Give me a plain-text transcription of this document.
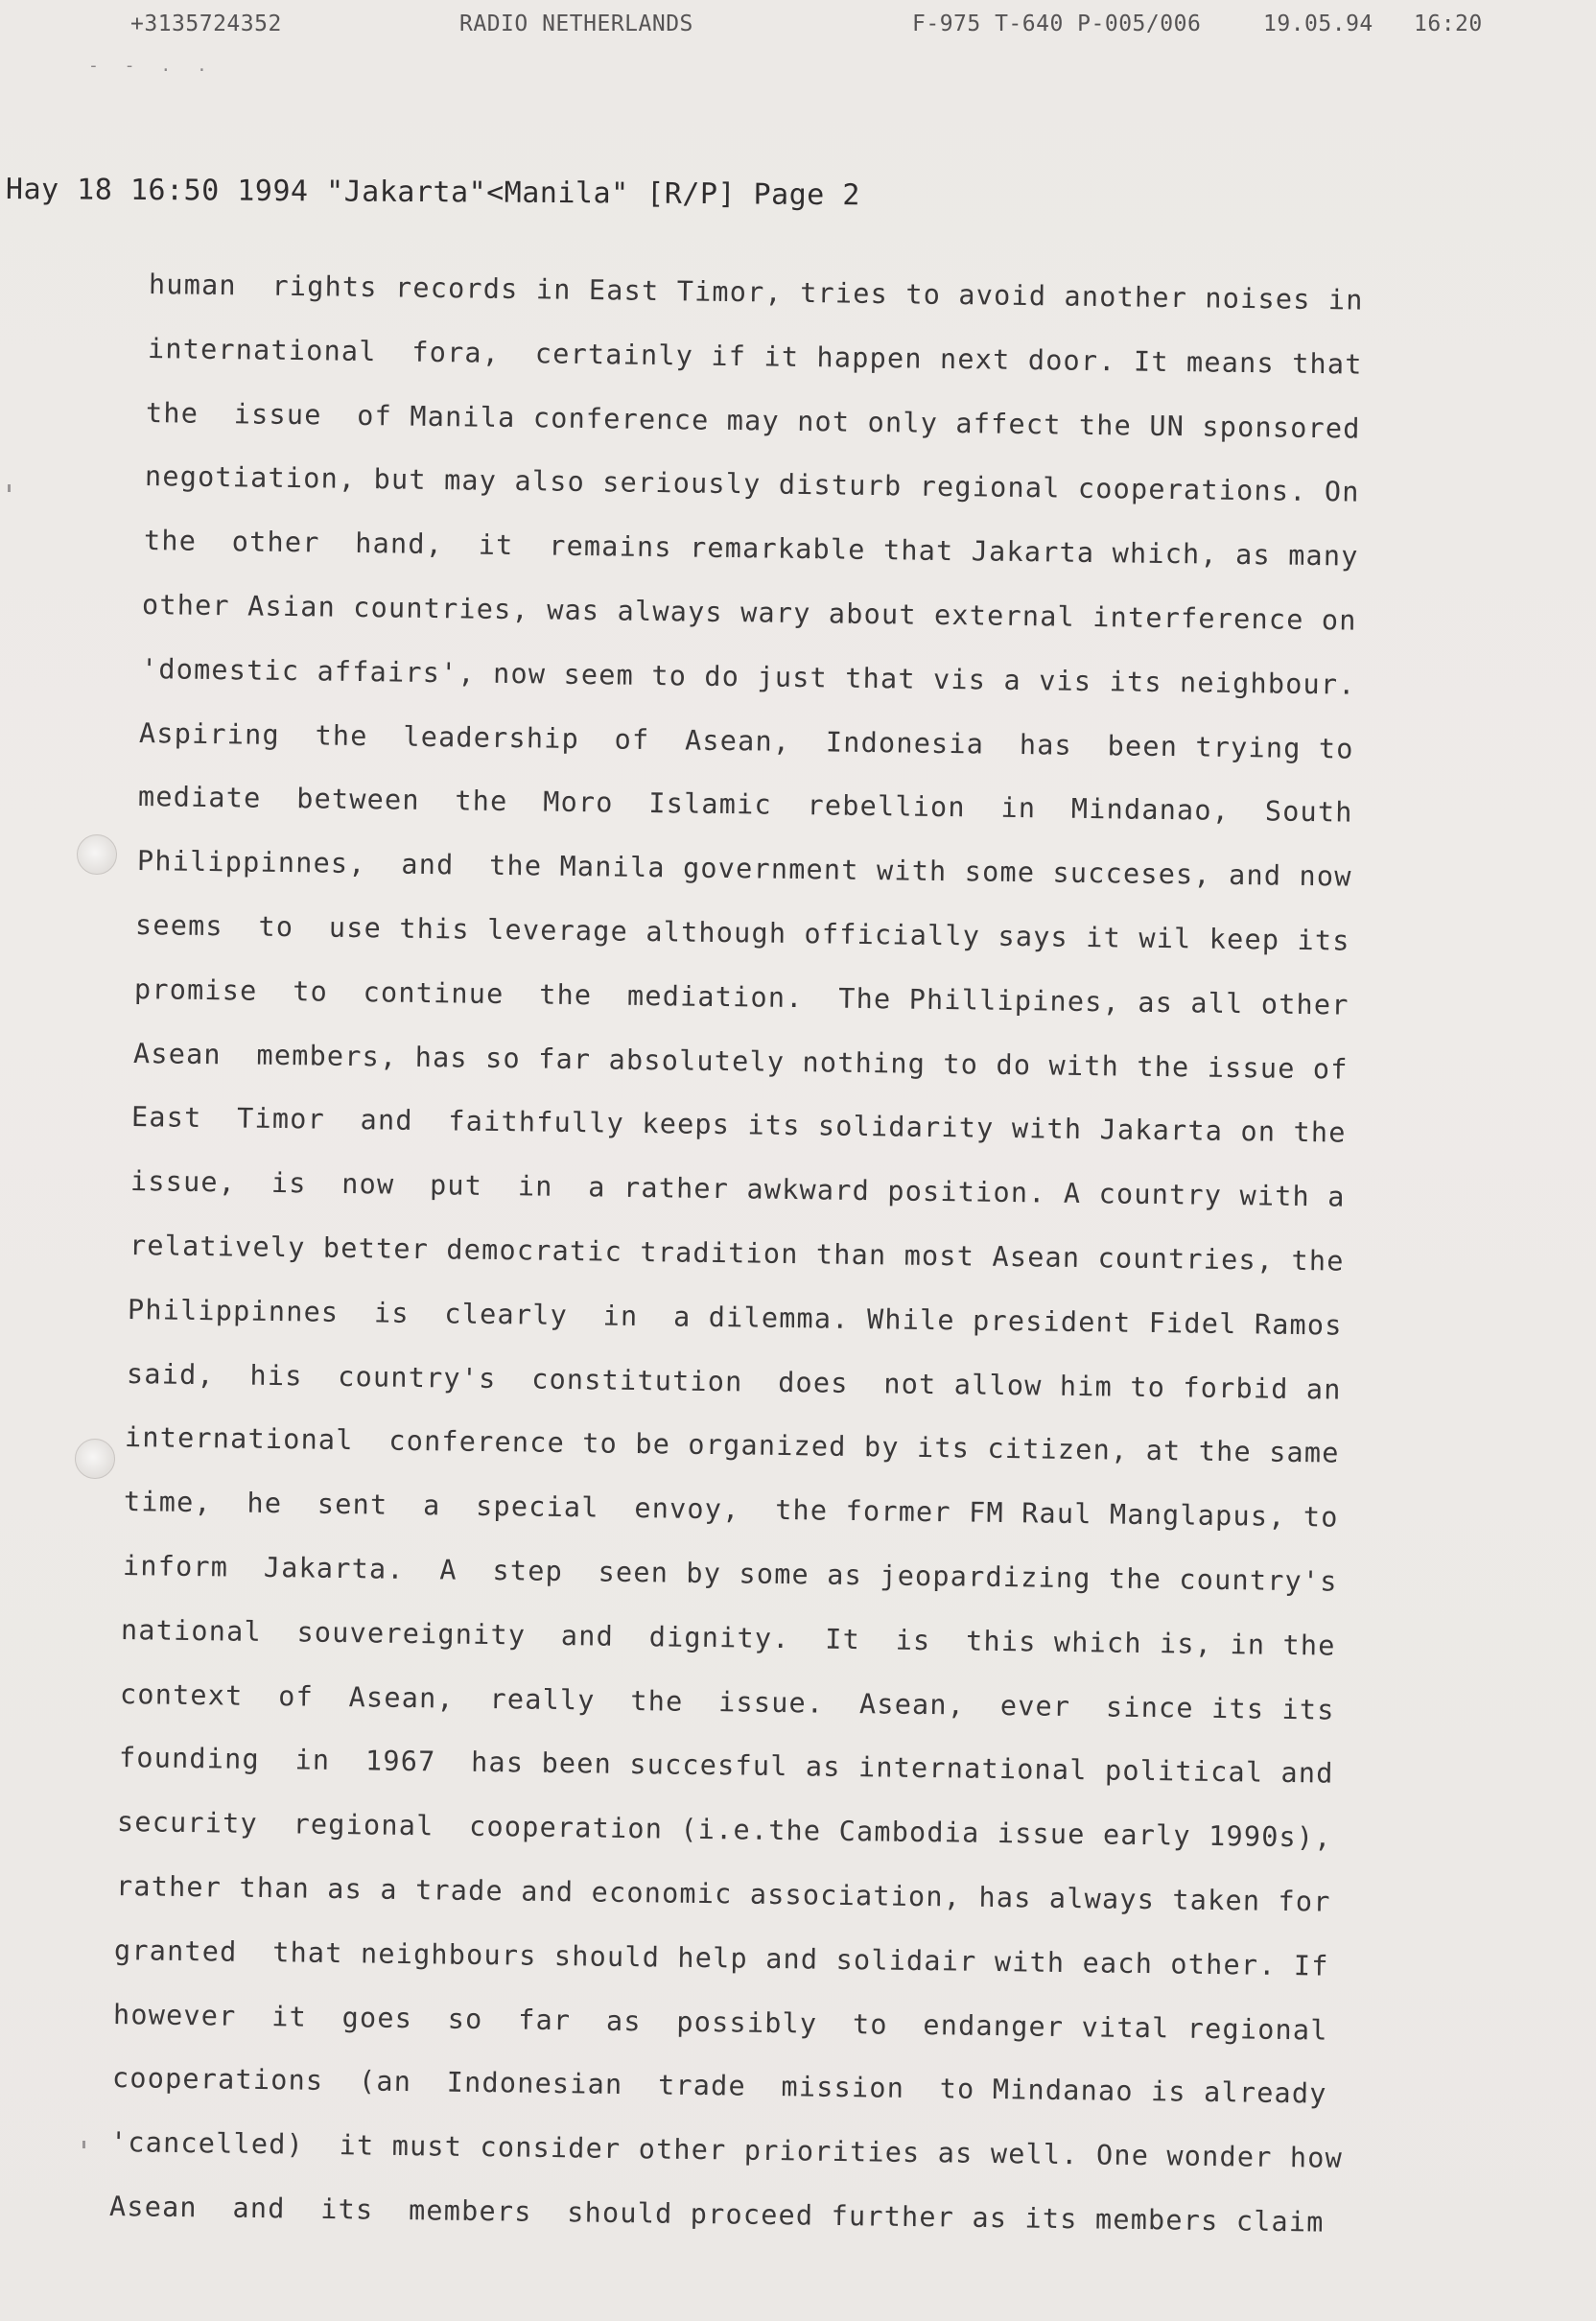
+3135724352	RADIO NETHERLANDS	F-975 T-640 P-005/006	19.05.94 16:20
- - . .
Hay 18 16:50 1994 "Jakarta"<Manila" [R/P] Page 2
human  rights records in East Timor, tries to avoid another noises in
international  fora,  certainly if it happen next door. It means that
the  issue  of Manila conference may not only affect the UN sponsored
negotiation, but may also seriously disturb regional cooperations. On
the  other  hand,  it  remains remarkable that Jakarta which, as many
other Asian countries, was always wary about external interference on
'domestic affairs', now seem to do just that vis a vis its neighbour.
Aspiring  the  leadership  of  Asean,  Indonesia  has  been trying to
mediate  between  the  Moro  Islamic  rebellion  in  Mindanao,  South
Philippinnes,  and  the Manila government with some succeses, and now
seems  to  use this leverage although officially says it wil keep its
promise  to  continue  the  mediation.  The Phillipines, as all other
Asean  members, has so far absolutely nothing to do with the issue of
East  Timor  and  faithfully keeps its solidarity with Jakarta on the
issue,  is  now  put  in  a rather awkward position. A country with a
relatively better democratic tradition than most Asean countries, the
Philippinnes  is  clearly  in  a dilemma. While president Fidel Ramos
said,  his  country's  constitution  does  not allow him to forbid an
international  conference to be organized by its citizen, at the same
time,  he  sent  a  special  envoy,  the former FM Raul Manglapus, to
inform  Jakarta.  A  step  seen by some as jeopardizing the country's
national  souvereignity  and  dignity.  It  is  this which is, in the
context  of  Asean,  really  the  issue.  Asean,  ever  since its its
founding  in  1967  has been succesful as international political and
security  regional  cooperation (i.e.the Cambodia issue early 1990s),
rather than as a trade and economic association, has always taken for
granted  that neighbours should help and solidair with each other. If
however  it  goes  so  far  as  possibly  to  endanger vital regional
cooperations  (an  Indonesian  trade  mission  to Mindanao is already
'cancelled)  it must consider other priorities as well. One wonder how
Asean  and  its  members  should proceed further as its members claim
